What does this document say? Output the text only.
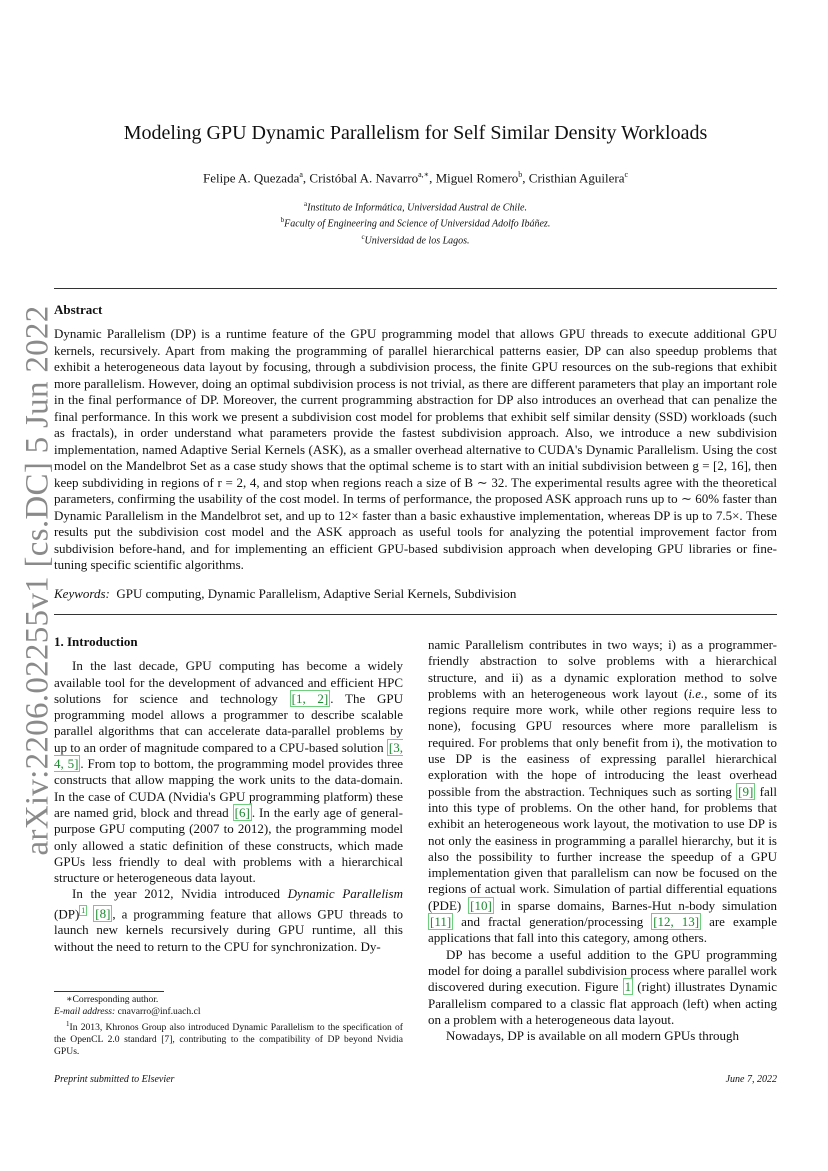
arXiv:2206.02255v1 [cs.DC] 5 Jun 2022
Modeling GPU Dynamic Parallelism for Self Similar Density Workloads
Felipe A. Quezada$^a$, Cristóbal A. Navarro$^{a,∗}$, Miguel Romero$^b$, Cristhian Aguilera$^c$
$^a$Instituto de Informática, Universidad Austral de Chile.
$^b$Faculty of Engineering and Science of Universidad Adolfo Ibáñez.
$^c$Universidad de los Lagos.
Abstract
Dynamic Parallelism (DP) is a runtime feature of the GPU programming model that allows GPU threads to execute additional GPU kernels, recursively. Apart from making the programming of parallel hierarchical patterns easier, DP can also speedup problems that exhibit a heterogeneous data layout by focusing, through a subdivision process, the finite GPU resources on the sub-regions that exhibit more parallelism. However, doing an optimal subdivision process is not trivial, as there are different parameters that play an important role in the final performance of DP. Moreover, the current programming abstraction for DP also introduces an overhead that can penalize the final performance. In this work we present a subdivision cost model for problems that exhibit self similar density (SSD) workloads (such as fractals), in order understand what parameters provide the fastest subdivision approach. Also, we introduce a new subdivision implementation, named Adaptive Serial Kernels (ASK), as a smaller overhead alternative to CUDA's Dynamic Parallelism. Using the cost model on the Mandelbrot Set as a case study shows that the optimal scheme is to start with an initial subdivision between g = [2, 16], then keep subdividing in regions of r = 2, 4, and stop when regions reach a size of B ∼ 32. The experimental results agree with the theoretical parameters, confirming the usability of the cost model. In terms of performance, the proposed ASK approach runs up to ∼ 60% faster than Dynamic Parallelism in the Mandelbrot set, and up to 12× faster than a basic exhaustive implementation, whereas DP is up to 7.5×. These results put the subdivision cost model and the ASK approach as useful tools for analyzing the potential improvement factor from subdivision before-hand, and for implementing an efficient GPU-based subdivision approach when developing GPU libraries or fine-tuning specific scientific algorithms.
Keywords: GPU computing, Dynamic Parallelism, Adaptive Serial Kernels, Subdivision

1. Introduction

In the last decade, GPU computing has become a widely available tool for the development of advanced and efficient HPC solutions for science and technology [1, 2] . The GPU programming model allows a programmer to describe scalable parallel algorithms that can accelerate data-parallel problems by up to an order of magnitude compared to a CPU-based solution [3, 4, 5] . From top to bottom, the programming model provides three constructs that allow mapping the work units to the data-domain. In the case of CUDA (Nvidia's GPU programming platform) these are named grid, block and thread [6] . In the early age of general-purpose GPU computing (2007 to 2012), the programming model only allowed a static definition of these constructs, which made GPUs less friendly to deal with problems with a hierarchical structure or heterogeneous data layout.

In the year 2012, Nvidia introduced Dynamic Parallelism (DP) $^1$ [8] , a programming feature that allows GPU threads to launch new kernels recursively during GPU runtime, all this without the need to return to the CPU for synchronization. Dy-

namic Parallelism contributes in two ways; i) as a programmer-friendly abstraction to solve problems with a hierarchical structure, and ii) as a dynamic exploration method to solve problems with an heterogeneous work layout (i.e., some of its regions require more work, while other regions require less to none), focusing GPU resources where more parallelism is required. For problems that only benefit from i), the motivation to use DP is the easiness of expressing parallel hierarchical exploration with the hope of introducing the least overhead possible from the abstraction. Techniques such as sorting [9] fall into this type of problems. On the other hand, for problems that exhibit an heterogeneous work layout, the motivation to use DP is not only the easiness in programming a parallel hierarchy, but it is also the possibility to further increase the speedup of a GPU implementation given that parallelism can now be focused on the regions of actual work. Simulation of partial differential equations (PDE) [10] in sparse domains, Barnes-Hut n-body simulation [11] and fractal generation/processing [12, 13] are example applications that fall into this category, among others.

DP has become a useful addition to the GPU programming model for doing a parallel subdivision process where parallel work discovered during execution. Figure 1 (right) illustrates Dynamic Parallelism compared to a classic flat approach (left) when acting on a problem with a heterogeneous data layout.

Nowadays, DP is available on all modern GPUs through

∗Corresponding author.

E-mail address: cnavarro@inf.uach.cl

$^1$In 2013, Khronos Group also introduced Dynamic Parallelism to the specification of the OpenCL 2.0 standard [7], contributing to the compatibility of DP beyond Nvidia GPUs.

Preprint submitted to Elsevier	June 7, 2022
